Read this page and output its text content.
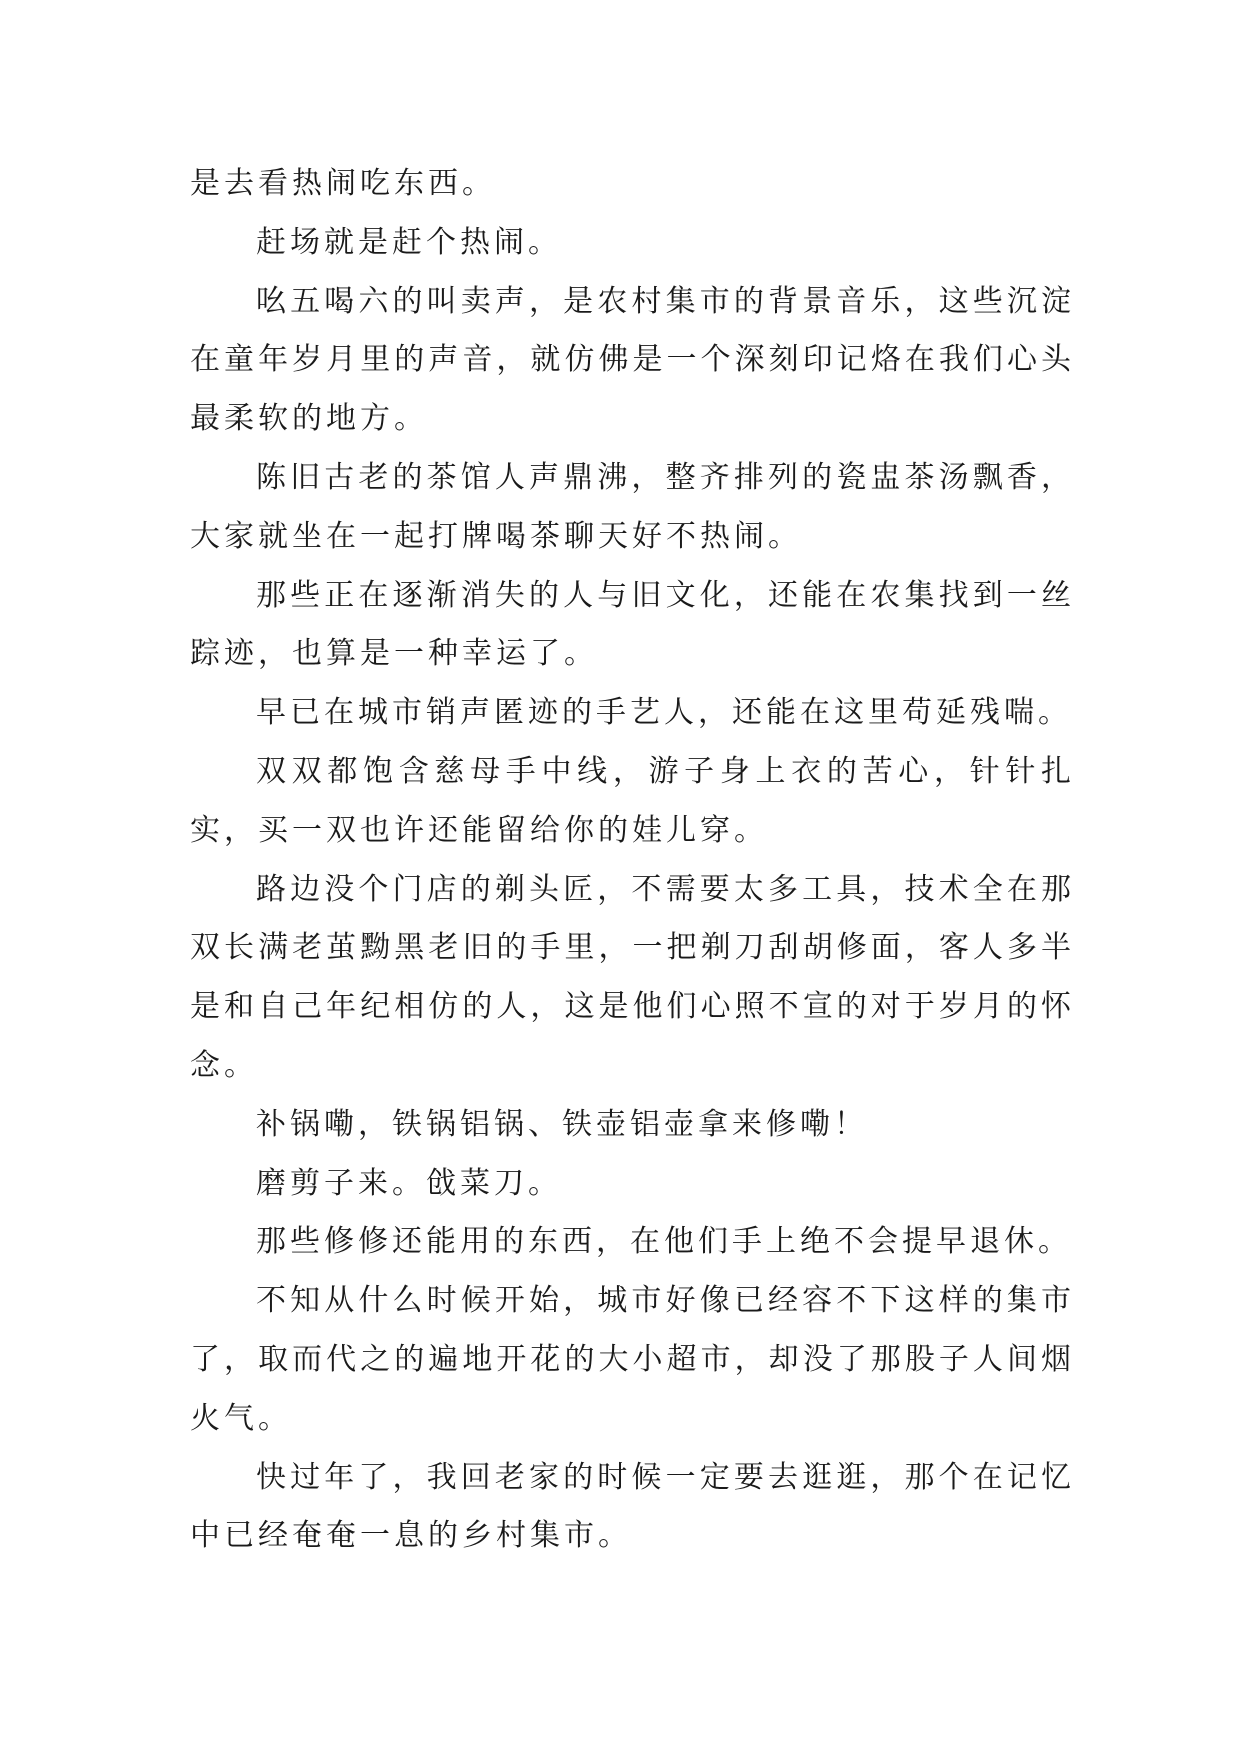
是去看热闹吃东西。

赶场就是赶个热闹。

吆五喝六的叫卖声，是农村集市的背景音乐，这些沉淀在童年岁月里的声音，就仿佛是一个深刻印记烙在我们心头最柔软的地方。

陈旧古老的茶馆人声鼎沸，整齐排列的瓷盅茶汤飘香，大家就坐在一起打牌喝茶聊天好不热闹。

那些正在逐渐消失的人与旧文化，还能在农集找到一丝踪迹，也算是一种幸运了。

早已在城市销声匿迹的手艺人，还能在这里苟延残喘。

双双都饱含慈母手中线，游子身上衣的苦心，针针扎实，买一双也许还能留给你的娃儿穿。

路边没个门店的剃头匠，不需要太多工具，技术全在那双长满老茧黝黑老旧的手里，一把剃刀刮胡修面，客人多半是和自己年纪相仿的人，这是他们心照不宣的对于岁月的怀念。

补锅嘞，铁锅铝锅、铁壶铝壶拿来修嘞！

磨剪子来。戗菜刀。

那些修修还能用的东西，在他们手上绝不会提早退休。

不知从什么时候开始，城市好像已经容不下这样的集市了，取而代之的遍地开花的大小超市，却没了那股子人间烟火气。

快过年了，我回老家的时候一定要去逛逛，那个在记忆中已经奄奄一息的乡村集市。
